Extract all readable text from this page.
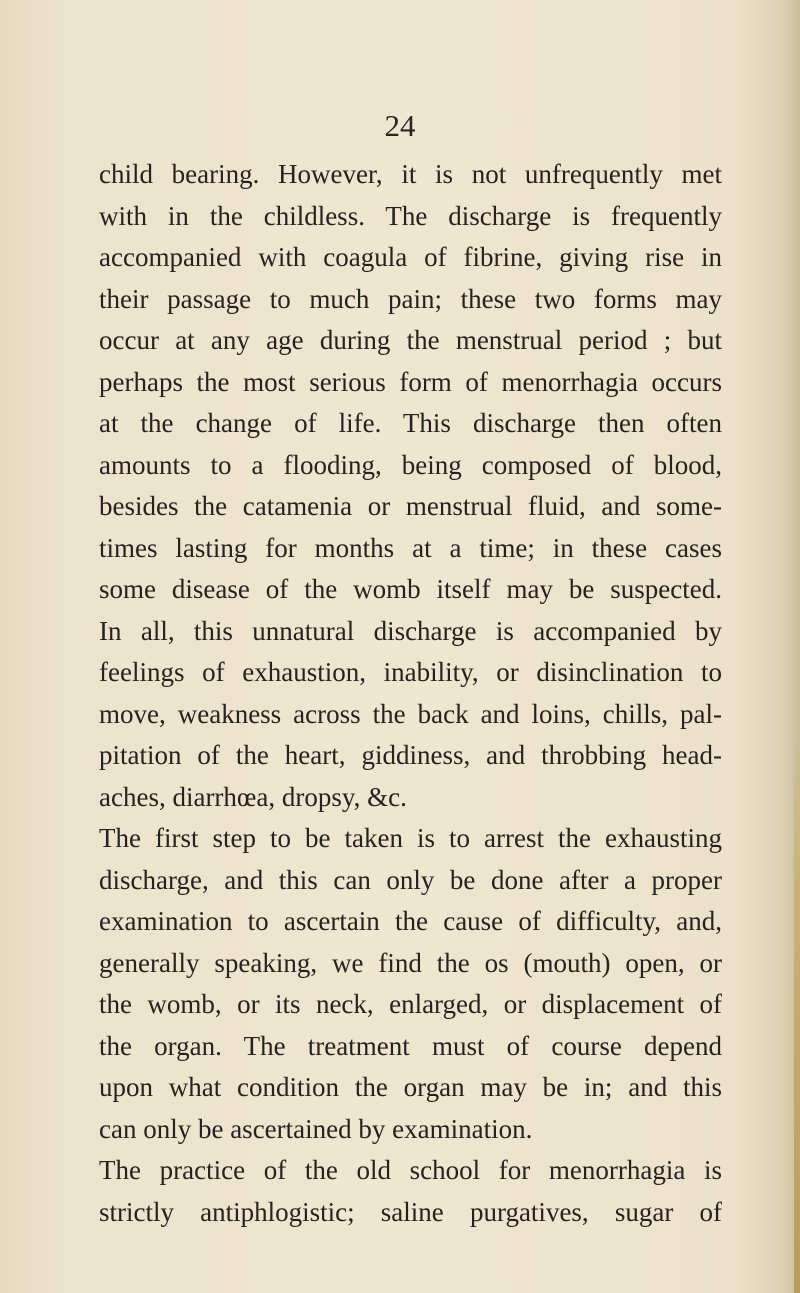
24
child bearing. However, it is not unfrequently met
with in the childless. The discharge is frequently
accompanied with coagula of fibrine, giving rise in
their passage to much pain; these two forms may
occur at any age during the menstrual period ; but
perhaps the most serious form of menorrhagia occurs
at the change of life. This discharge then often
amounts to a flooding, being composed of blood,
besides the catamenia or menstrual fluid, and some-
times lasting for months at a time; in these cases
some disease of the womb itself may be suspected.
In all, this unnatural discharge is accompanied by
feelings of exhaustion, inability, or disinclination to
move, weakness across the back and loins, chills, pal-
pitation of the heart, giddiness, and throbbing head-
aches, diarrhœa, dropsy, &c.
The first step to be taken is to arrest the exhausting
discharge, and this can only be done after a proper
examination to ascertain the cause of difficulty, and,
generally speaking, we find the os (mouth) open, or
the womb, or its neck, enlarged, or displacement of
the organ. The treatment must of course depend
upon what condition the organ may be in; and this
can only be ascertained by examination.
The practice of the old school for menorrhagia is
strictly antiphlogistic; saline purgatives, sugar of
